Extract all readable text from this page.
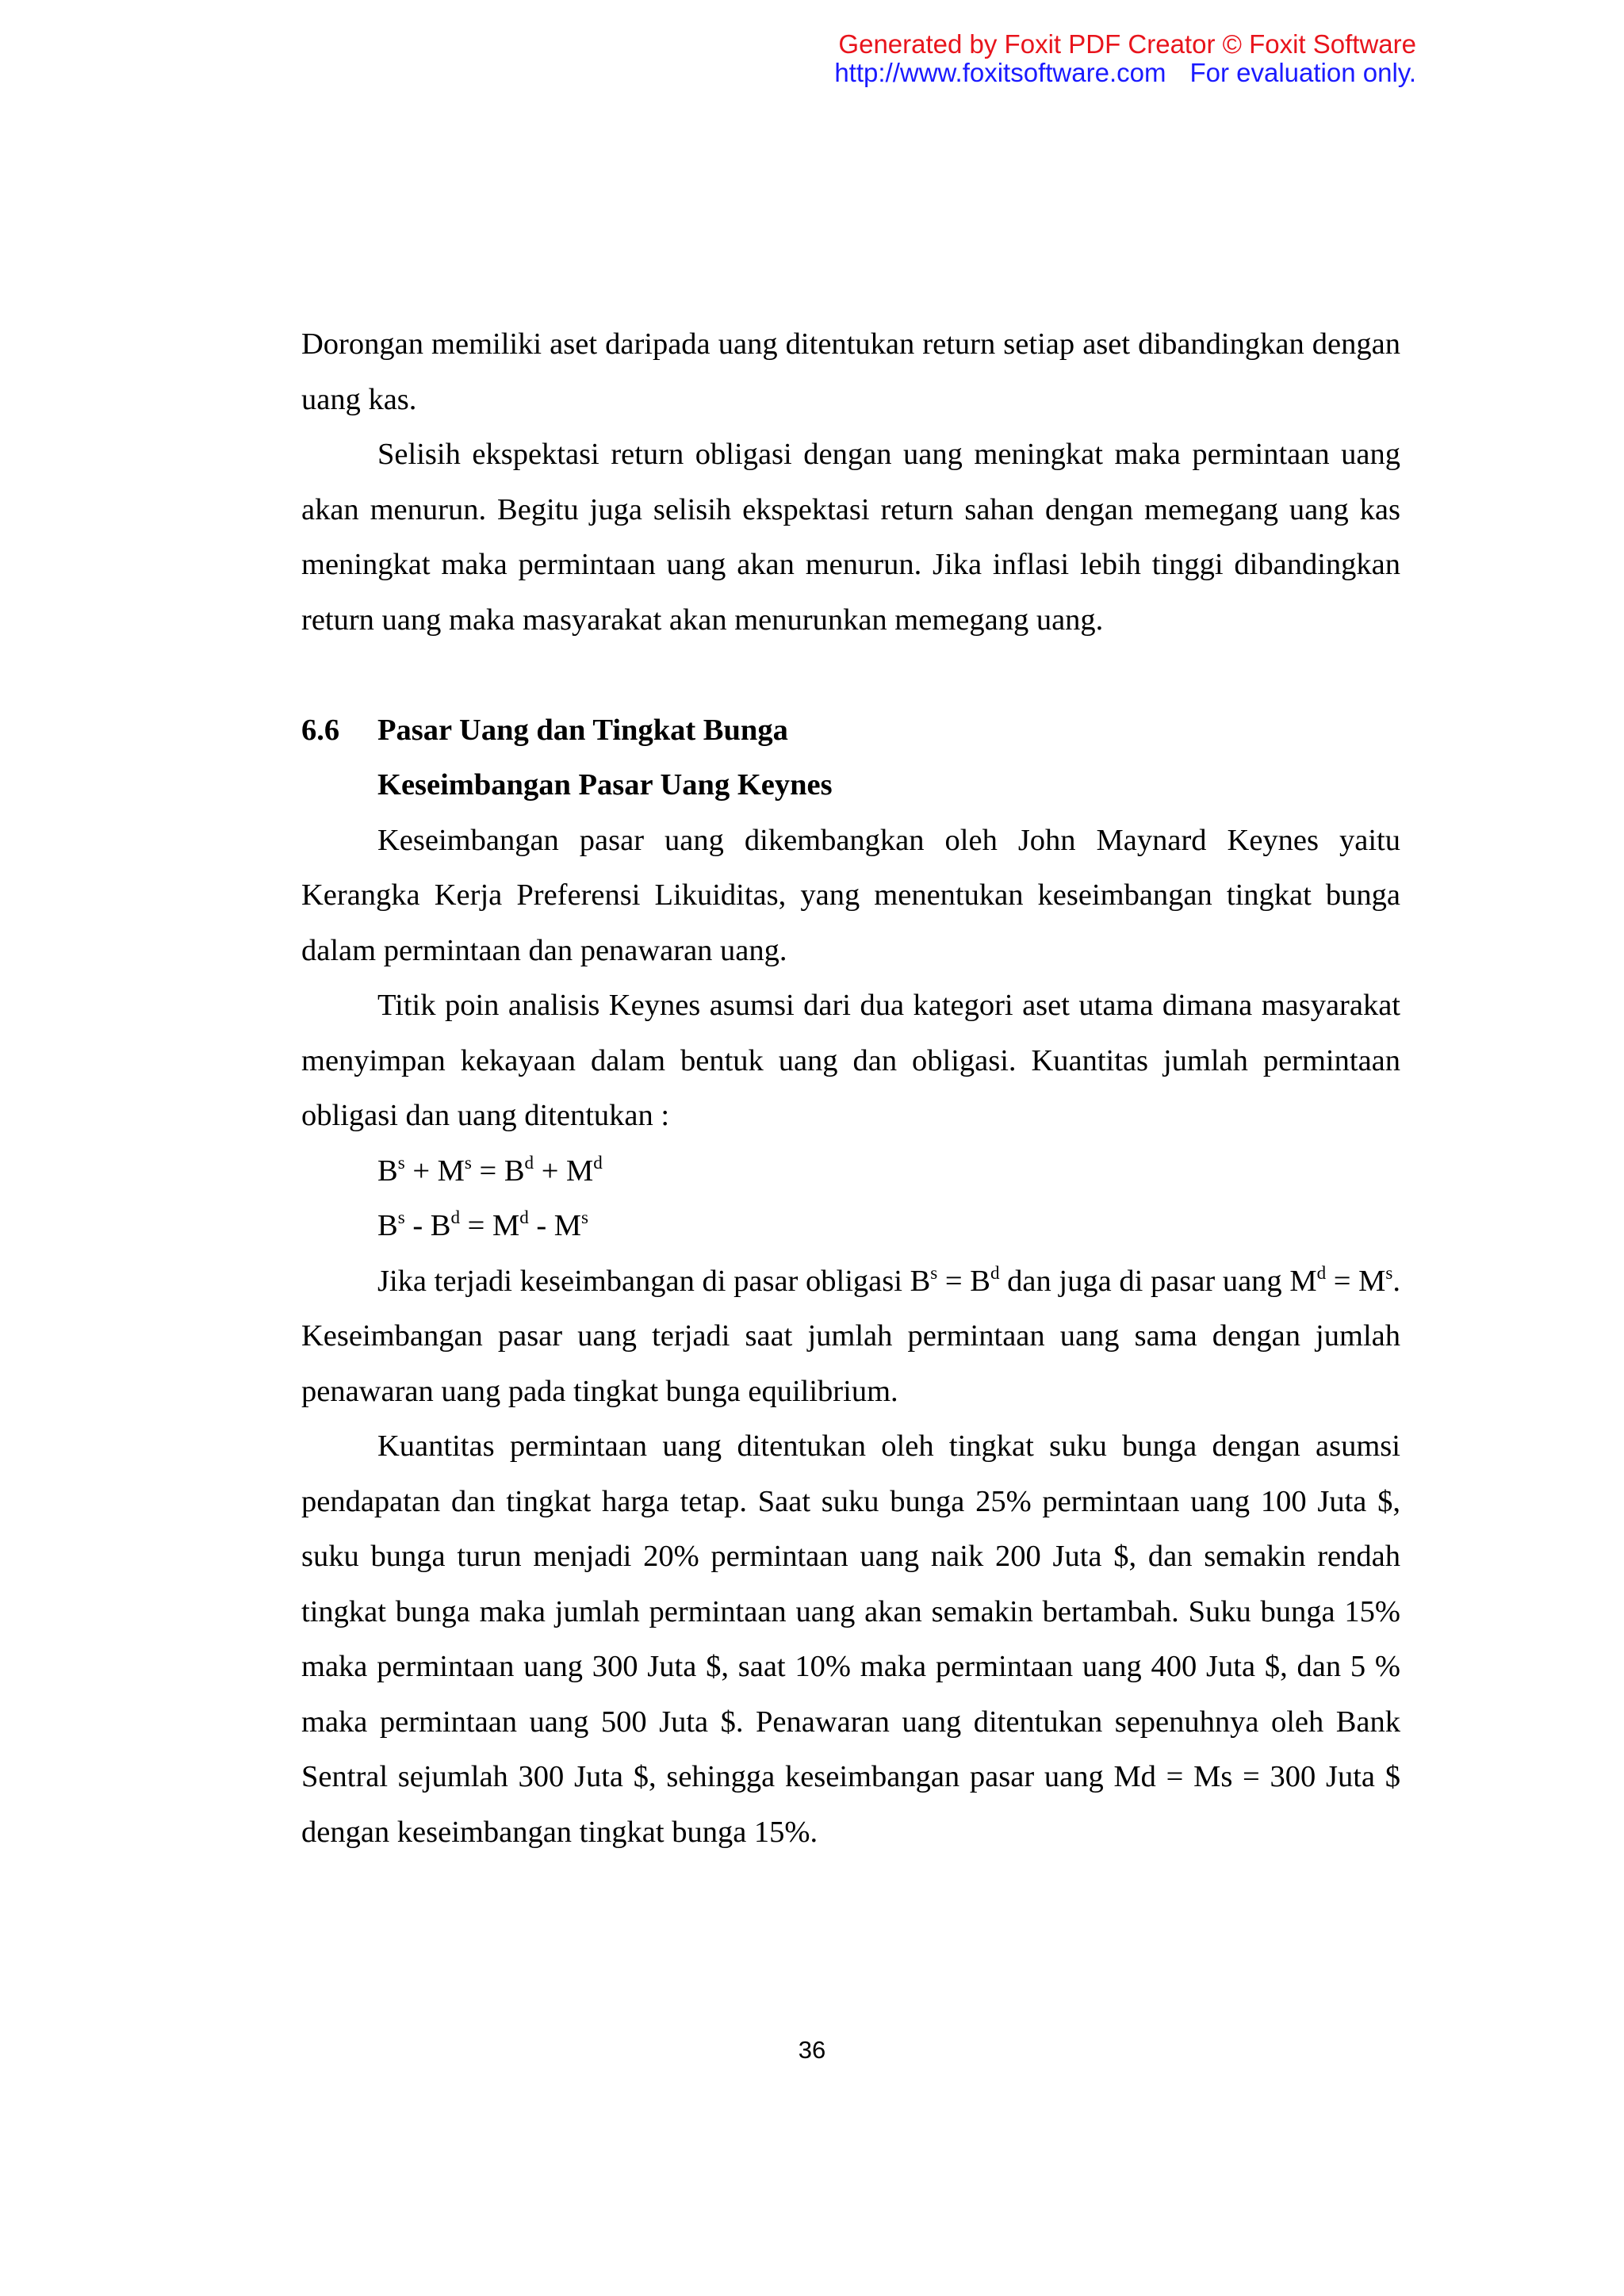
Generated by Foxit PDF Creator © Foxit Software
http://www.foxitsoftware.com For evaluation only.

Dorongan memiliki aset daripada uang ditentukan return setiap aset dibandingkan dengan uang kas.

Selisih ekspektasi return obligasi dengan uang meningkat maka permintaan uang akan menurun. Begitu juga selisih ekspektasi return sahan dengan memegang uang kas meningkat maka permintaan uang akan menurun. Jika inflasi lebih tinggi dibandingkan return uang maka masyarakat akan menurunkan memegang uang.

6.6	Pasar Uang dan Tingkat Bunga
Keseimbangan Pasar Uang Keynes

Keseimbangan pasar uang dikembangkan oleh John Maynard Keynes yaitu Kerangka Kerja Preferensi Likuiditas, yang menentukan keseimbangan tingkat bunga dalam permintaan dan penawaran uang.

Titik poin analisis Keynes asumsi dari dua kategori aset utama dimana masyarakat menyimpan kekayaan dalam bentuk uang dan obligasi. Kuantitas jumlah permintaan obligasi dan uang ditentukan :

$B^s + M^s = B^d + M^d$
$B^s - B^d = M^d - M^s$

Jika terjadi keseimbangan di pasar obligasi $B^s = B^d$ dan juga di pasar uang $M^d = M^s$. Keseimbangan pasar uang terjadi saat jumlah permintaan uang sama dengan jumlah penawaran uang pada tingkat bunga equilibrium.

Kuantitas permintaan uang ditentukan oleh tingkat suku bunga dengan asumsi pendapatan dan tingkat harga tetap. Saat suku bunga 25% permintaan uang 100 Juta $, suku bunga turun menjadi 20% permintaan uang naik 200 Juta $, dan semakin rendah tingkat bunga maka jumlah permintaan uang akan semakin bertambah. Suku bunga 15% maka permintaan uang 300 Juta $, saat 10% maka permintaan uang 400 Juta $, dan 5 % maka permintaan uang 500 Juta $. Penawaran uang ditentukan sepenuhnya oleh Bank Sentral sejumlah 300 Juta $, sehingga keseimbangan pasar uang Md = Ms = 300 Juta $ dengan keseimbangan tingkat bunga 15%.

36
